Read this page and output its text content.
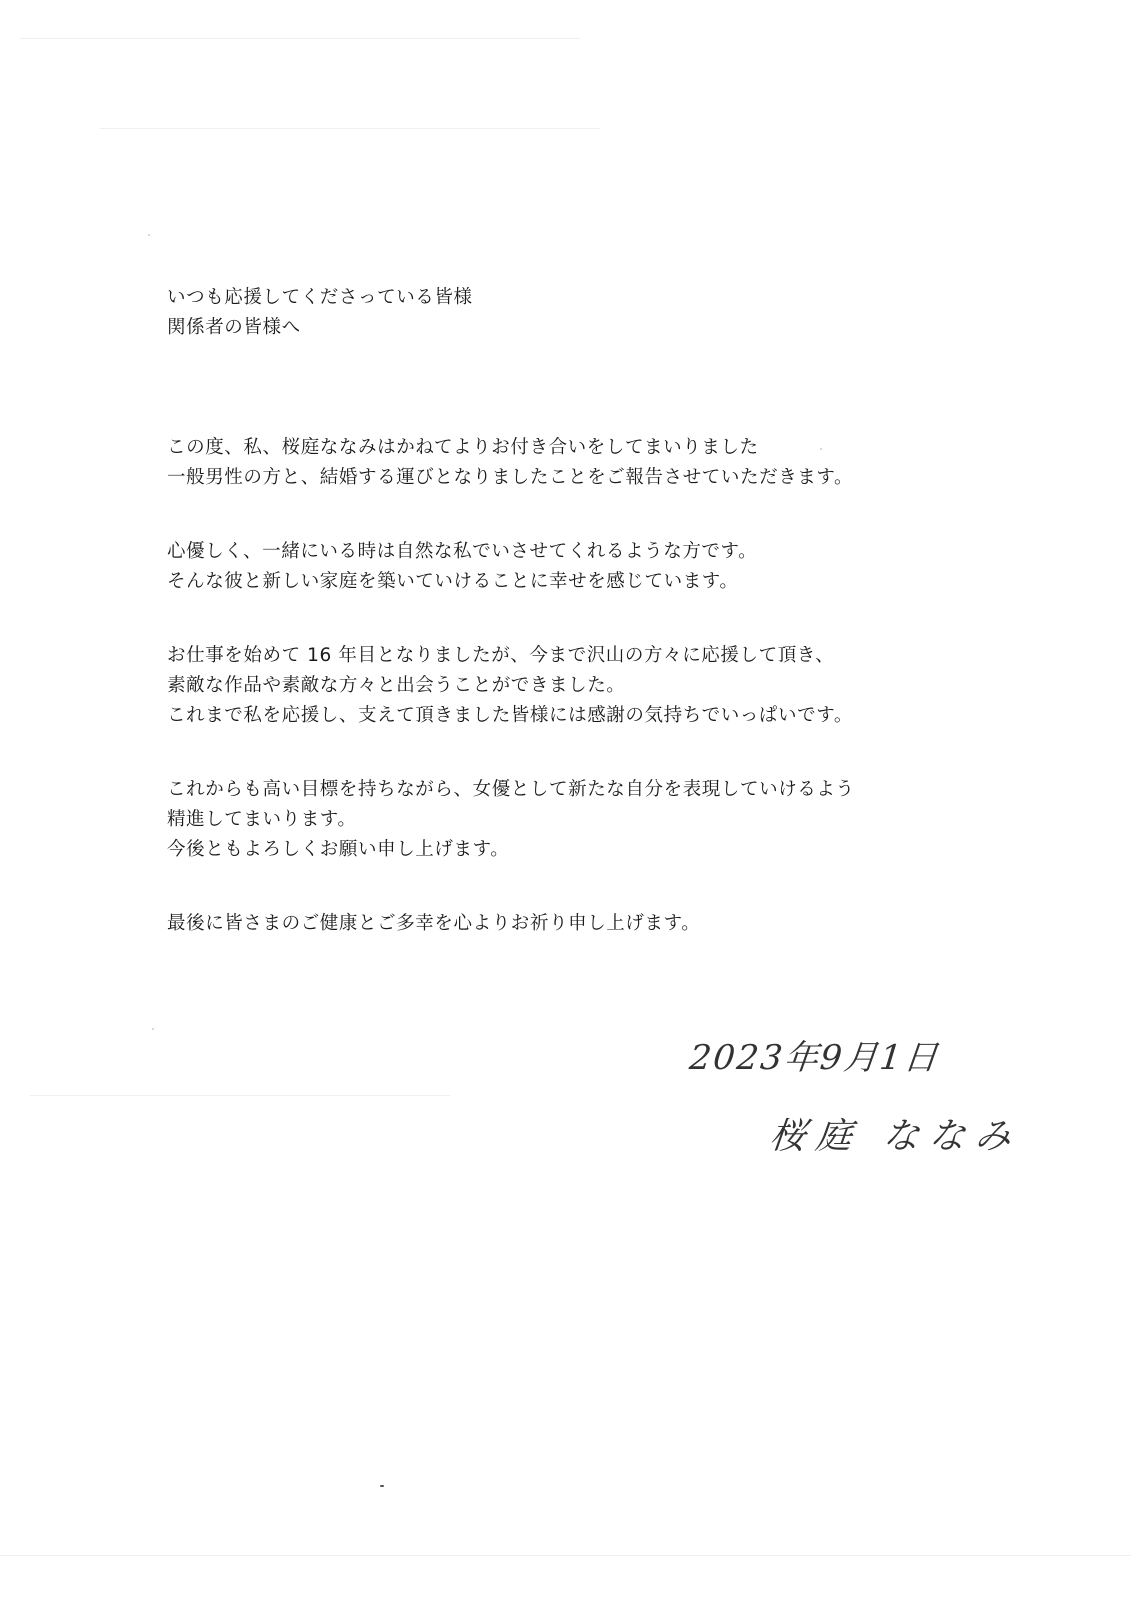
いつも応援してくださっている皆様
関係者の皆様へ
この度、私、桜庭ななみはかねてよりお付き合いをしてまいりました
一般男性の方と、結婚する運びとなりましたことをご報告させていただきます。
心優しく、一緒にいる時は自然な私でいさせてくれるような方です。
そんな彼と新しい家庭を築いていけることに幸せを感じています。
お仕事を始めて 16 年目となりましたが、今まで沢山の方々に応援して頂き、
素敵な作品や素敵な方々と出会うことができました。
これまで私を応援し、支えて頂きました皆様には感謝の気持ちでいっぱいです。
これからも高い目標を持ちながら、女優として新たな自分を表現していけるよう
精進してまいります。
今後ともよろしくお願い申し上げます。
最後に皆さまのご健康とご多幸を心よりお祈り申し上げます。
2023年9月1日
桜庭 ななみ
